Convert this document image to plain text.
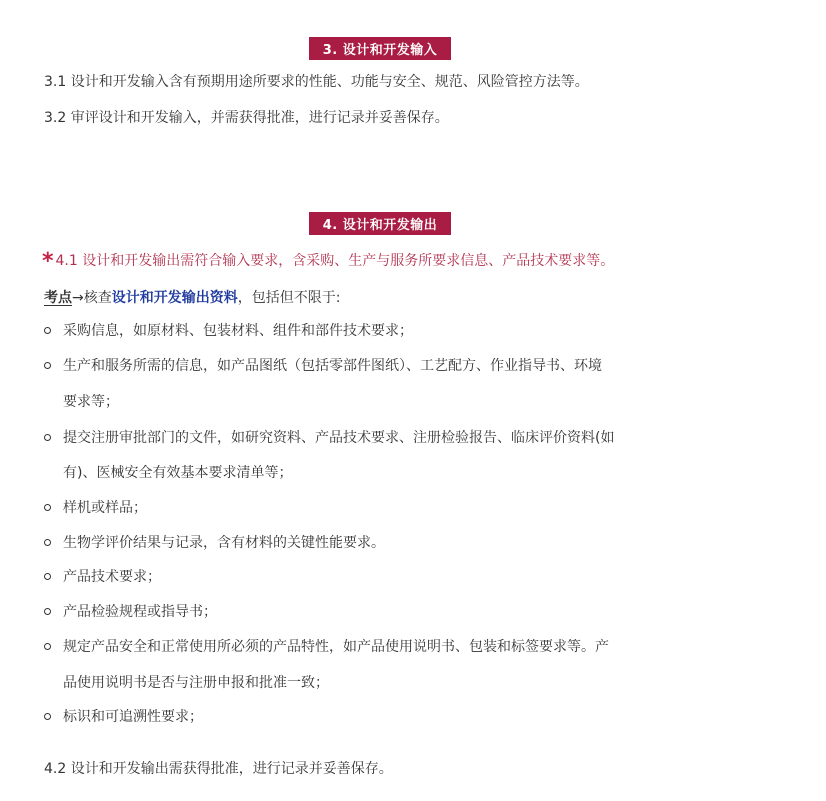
3. 设计和开发输入
3.1 设计和开发输入含有预期用途所要求的性能、功能与安全、规范、风险管控方法等。
3.2 审评设计和开发输入，并需获得批准，进行记录并妥善保存。
4. 设计和开发输出
* 4.1 设计和开发输出需符合输入要求，含采购、生产与服务所要求信息、产品技术要求等。
考点→核查设计和开发输出资料，包括但不限于:
采购信息，如原材料、包装材料、组件和部件技术要求；
生产和服务所需的信息，如产品图纸（包括零部件图纸）、工艺配方、作业指导书、环境
要求等；
提交注册审批部门的文件，如研究资料、产品技术要求、注册检验报告、临床评价资料(如
有)、医械安全有效基本要求清单等；
样机或样品；
生物学评价结果与记录，含有材料的关键性能要求。
产品技术要求；
产品检验规程或指导书；
规定产品安全和正常使用所必须的产品特性，如产品使用说明书、包装和标签要求等。产
品使用说明书是否与注册申报和批准一致；
标识和可追溯性要求；
4.2 设计和开发输出需获得批准，进行记录并妥善保存。
